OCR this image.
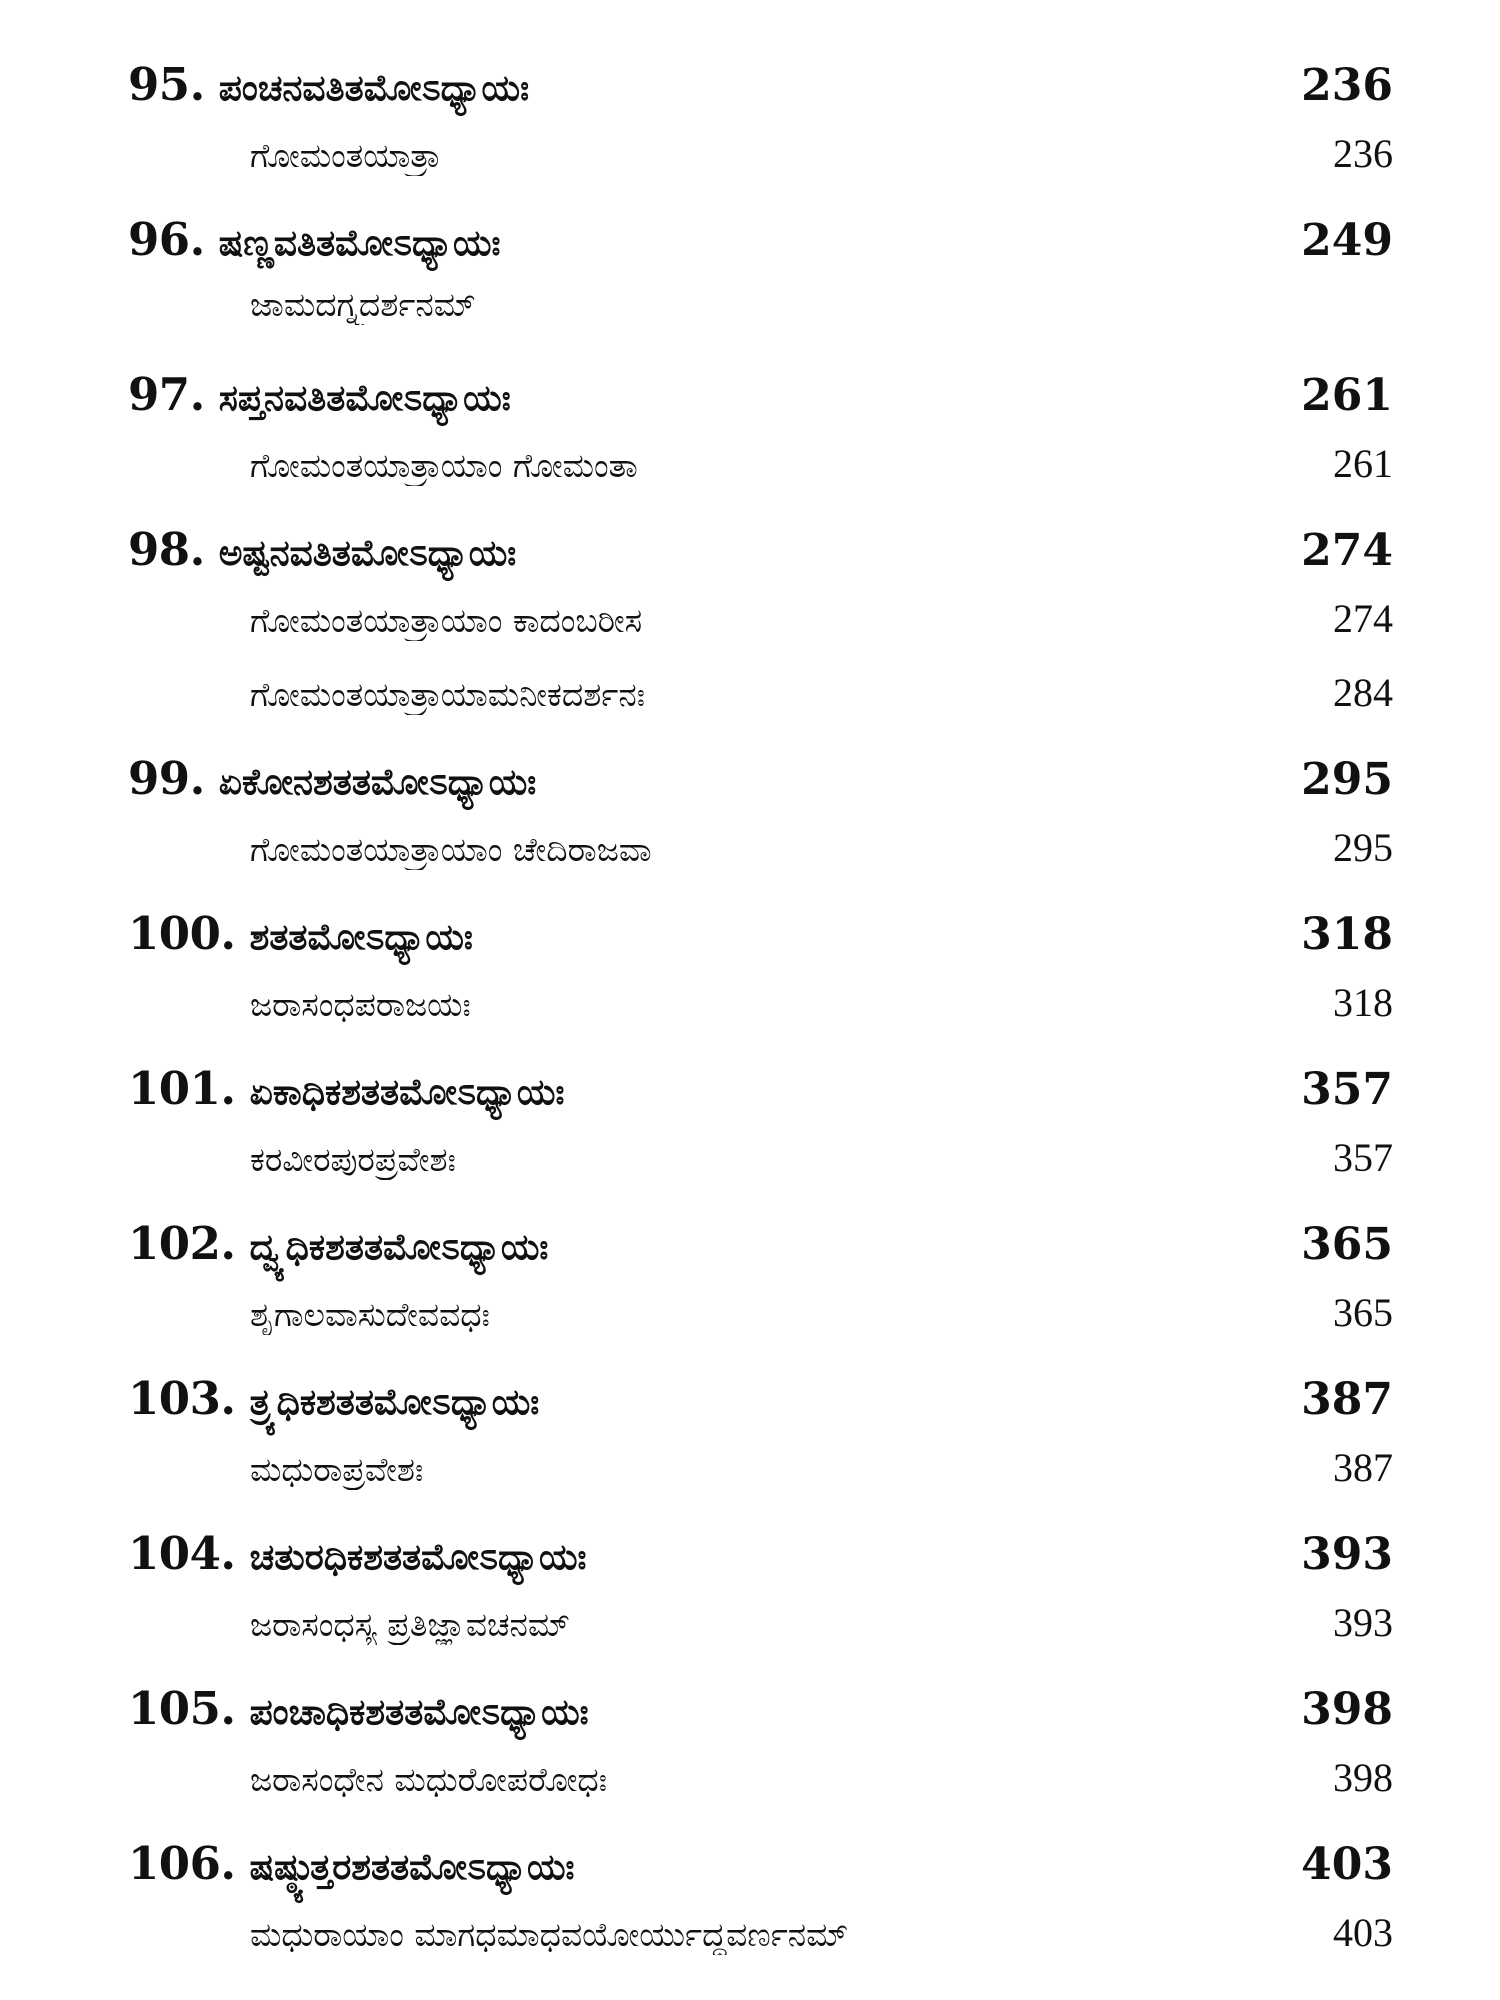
95. ಪಂಚನವತಿತಮೋಽಧ್ಯಾಯಃ	236
ಗೋಮಂತಯಾತ್ರಾ	236
96. ಷಣ್ಣವತಿತಮೋಽಧ್ಯಾಯಃ	249
ಜಾಮದಗ್ನ್ಯದರ್ಶನಮ್
97. ಸಪ್ತನವತಿತಮೋಽಧ್ಯಾಯಃ	261
ಗೋಮಂತಯಾತ್ರಾಯಾಂ ಗೋಮಂತಾ	261
98. ಅಷ್ಟನವತಿತಮೋಽಧ್ಯಾಯಃ	274
ಗೋಮಂತಯಾತ್ರಾಯಾಂ ಕಾದಂಬರೀಸ	274
ಗೋಮಂತಯಾತ್ರಾಯಾಮನೀಕದರ್ಶನಃ	284
99. ಏಕೋನಶತತಮೋಽಧ್ಯಾಯಃ	295
ಗೋಮಂತಯಾತ್ರಾಯಾಂ ಚೇದಿರಾಜವಾ	295
100. ಶತತಮೋಽಧ್ಯಾಯಃ	318
ಜರಾಸಂಧಪರಾಜಯಃ	318
101. ಏಕಾಧಿಕಶತತಮೋಽಧ್ಯಾಯಃ	357
ಕರವೀರಪುರಪ್ರವೇಶಃ	357
102. ದ್ವ್ಯಧಿಕಶತತಮೋಽಧ್ಯಾಯಃ	365
ಶೃಗಾಲವಾಸುದೇವವಧಃ	365
103. ತ್ರ್ಯಧಿಕಶತತಮೋಽಧ್ಯಾಯಃ	387
ಮಧುರಾಪ್ರವೇಶಃ	387
104. ಚತುರಧಿಕಶತತಮೋಽಧ್ಯಾಯಃ	393
ಜರಾಸಂಧಸ್ಯ ಪ್ರತಿಜ್ಞಾವಚನಮ್	393
105. ಪಂಚಾಧಿಕಶತತಮೋಽಧ್ಯಾಯಃ	398
ಜರಾಸಂಧೇನ ಮಧುರೋಪರೋಧಃ	398
106. ಷಷ್ಠ್ಯುತ್ತರಶತತಮೋಽಧ್ಯಾಯಃ	403
ಮಧುರಾಯಾಂ ಮಾಗಧಮಾಧವಯೋರ್ಯುದ್ಧವರ್ಣನಮ್	403
